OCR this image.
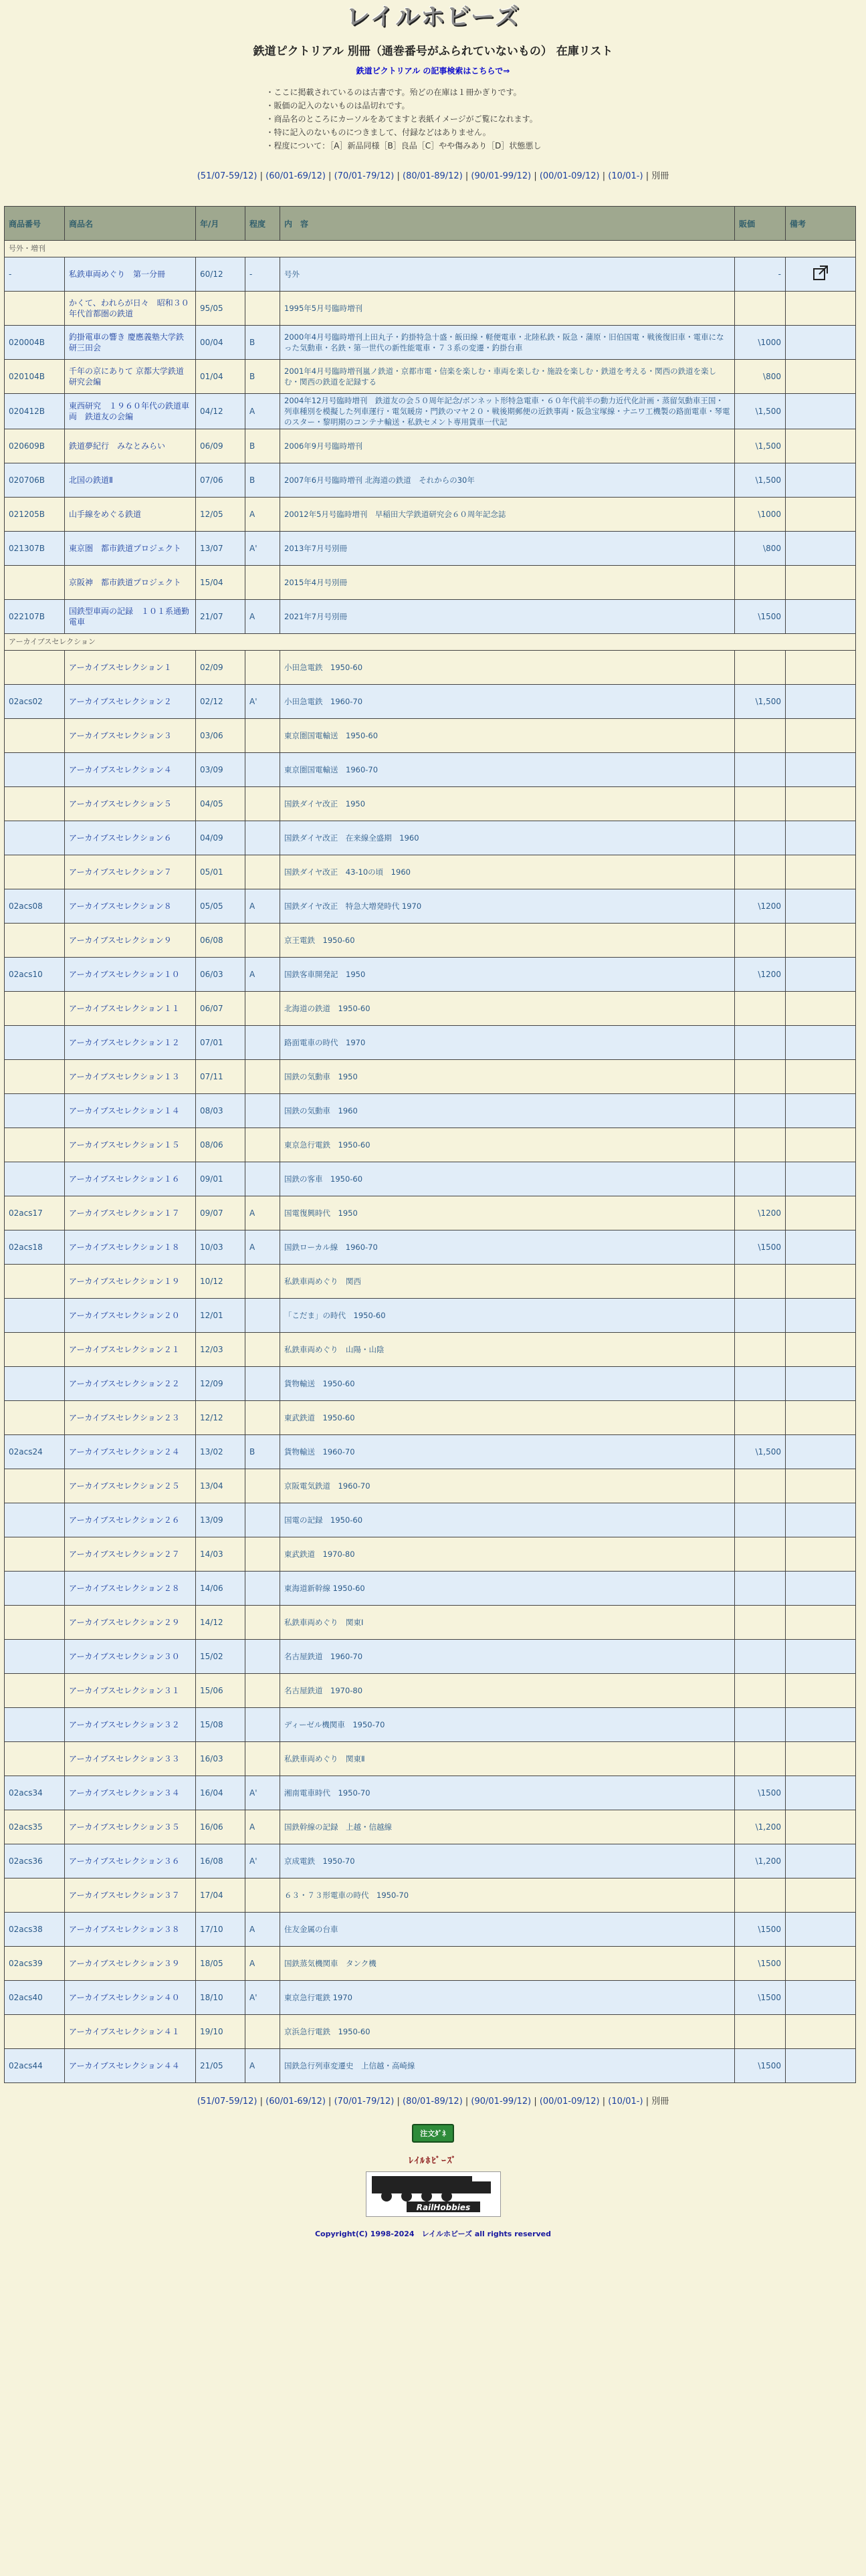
レイルホビーズ
鉄道ピクトリアル 別冊（通巻番号がふられていないもの） 在庫リスト
鉄道ピクトリアル の記事検索はこちらで⇒
・ここに掲載されているのは古書です。殆どの在庫は１冊かぎりです。
・販価の記入のないものは品切れです。
・商品名のところにカーソルをあてますと表紙イメージがご覧になれます。
・特に記入のないものにつきまして、付録などはありません。
・程度について：［A］新品同様［B］良品［C］やや傷みあり［D］状態悪し
(51/07-59/12) | (60/01-69/12) | (70/01-79/12) | (80/01-89/12) | (90/01-99/12) | (00/01-09/12) | (10/01-) | 別冊
商品番号	商品名	年/月	程度	内　容	販価	備考
号外・増刊						
-	私鉄車両めぐり　第一分冊	60/12	-	号外	-	
	かくて、われらが日々　昭和３０年代首都圏の鉄道	95/05		1995年5月号臨時増刊		
020004B	釣掛電車の響き 慶應義塾大学鉄研三田会	00/04	B	2000年4月号臨時増刊上田丸子・釣掛特急十盛・飯田線・軽便電車・北陸私鉄・阪急・蒲原・旧伯国電・戦後復旧車・電車になった気動車・名鉄・第一世代の新性能電車・７３系の変遷・釣掛台車	\1000	
020104B	千年の京にありて 京都大学鉄道研究会編	01/04	B	2001年4月号臨時増刊嵐ノ鉄道・京都市電・信楽を楽しむ・車両を楽しむ・施設を楽しむ・鉄道を考える・関西の鉄道を楽しむ・関西の鉄道を記録する	\800	
020412B	東西研究　１９６０年代の鉄道車両　鉄道友の会編	04/12	A	2004年12月号臨時増刊　鉄道友の会５０周年記念/ボンネット形特急電車・６０年代前半の動力近代化計画・蒸留気動車王国・列車種別を模擬した列車運行・電気暖房・門鉄のマヤ２０・戦後期郵便の近鉄事両・阪急宝塚線・ナニワ工機製の路面電車・琴電のスター・黎明期のコンテナ輸送・私鉄セメント専用貨車一代記	\1,500	
020609B	鉄道夢紀行　みなとみらい	06/09	B	2006年9月号臨時増刊	\1,500	
020706B	北国の鉄道Ⅱ	07/06	B	2007年6月号臨時増刊 北海道の鉄道　それからの30年	\1,500	
021205B	山手線をめぐる鉄道	12/05	A	20012年5月号臨時増刊　早稲田大学鉄道研究会６０周年記念誌	\1000	
021307B	東京圏　都市鉄道プロジェクト	13/07	A'	2013年7月号別冊	\800	
	京阪神　都市鉄道プロジェクト	15/04		2015年4月号別冊		
022107B	国鉄型車両の記録　１０１系通勤電車	21/07	A	2021年7月号別冊	\1500	
アーカイブスセレクション						
	アーカイブスセレクション１	02/09		小田急電鉄　1950-60		
02acs02	アーカイブスセレクション２	02/12	A'	小田急電鉄　1960-70	\1,500	
	アーカイブスセレクション３	03/06		東京圏国電輸送　1950-60		
	アーカイブスセレクション４	03/09		東京圏国電輸送　1960-70		
	アーカイブスセレクション５	04/05		国鉄ダイヤ改正　1950		
	アーカイブスセレクション６	04/09		国鉄ダイヤ改正　在来線全盛期　1960		
	アーカイブスセレクション７	05/01		国鉄ダイヤ改正　43-10の頃　1960		
02acs08	アーカイブスセレクション８	05/05	A	国鉄ダイヤ改正　特急大増発時代 1970	\1200	
	アーカイブスセレクション９	06/08		京王電鉄　1950-60		
02acs10	アーカイブスセレクション１０	06/03	A	国鉄客車開発記　1950	\1200	
	アーカイブスセレクション１１	06/07		北海道の鉄道　1950-60		
	アーカイブスセレクション１２	07/01		路面電車の時代　1970		
	アーカイブスセレクション１３	07/11		国鉄の気動車　1950		
	アーカイブスセレクション１４	08/03		国鉄の気動車　1960		
	アーカイブスセレクション１５	08/06		東京急行電鉄　1950-60		
	アーカイブスセレクション１６	09/01		国鉄の客車　1950-60		
02acs17	アーカイブスセレクション１７	09/07	A	国電復興時代　1950	\1200	
02acs18	アーカイブスセレクション１８	10/03	A	国鉄ローカル線　1960-70	\1500	
	アーカイブスセレクション１９	10/12		私鉄車両めぐり　関西		
	アーカイブスセレクション２０	12/01		「こだま」の時代　1950-60		
	アーカイブスセレクション２１	12/03		私鉄車両めぐり　山陽・山陰		
	アーカイブスセレクション２２	12/09		貨物輸送　1950-60		
	アーカイブスセレクション２３	12/12		東武鉄道　1950-60		
02acs24	アーカイブスセレクション２４	13/02	B	貨物輸送　1960-70	\1,500	
	アーカイブスセレクション２５	13/04		京阪電気鉄道　1960-70		
	アーカイブスセレクション２６	13/09		国電の記録　1950-60		
	アーカイブスセレクション２７	14/03		東武鉄道　1970-80		
	アーカイブスセレクション２８	14/06		東海道新幹線 1950-60		
	アーカイブスセレクション２９	14/12		私鉄車両めぐり　関東Ⅰ		
	アーカイブスセレクション３０	15/02		名古屋鉄道　1960-70		
	アーカイブスセレクション３１	15/06		名古屋鉄道　1970-80		
	アーカイブスセレクション３２	15/08		ディーゼル機関車　1950-70		
	アーカイブスセレクション３３	16/03		私鉄車両めぐり　関東Ⅱ		
02acs34	アーカイブスセレクション３４	16/04	A'	湘南電車時代　1950-70	\1500	
02acs35	アーカイブスセレクション３５	16/06	A	国鉄幹線の記録　上越・信越線	\1,200	
02acs36	アーカイブスセレクション３６	16/08	A'	京成電鉄　1950-70	\1,200	
	アーカイブスセレクション３７	17/04		６３・７３形電車の時代　1950-70		
02acs38	アーカイブスセレクション３８	17/10	A	住友金属の台車	\1500	
02acs39	アーカイブスセレクション３９	18/05	A	国鉄蒸気機関車　タンク機	\1500	
02acs40	アーカイブスセレクション４０	18/10	A'	東京急行電鉄 1970	\1500	
	アーカイブスセレクション４１	19/10		京浜急行電鉄　1950-60		
02acs44	アーカイブスセレクション４４	21/05	A	国鉄急行列車変遷史　上信越・高崎線	\1500	
(51/07-59/12) | (60/01-69/12) | (70/01-79/12) | (80/01-89/12) | (90/01-99/12) | (00/01-09/12) | (10/01-) | 別冊
注文ﾀﾞﾈ
ﾚｲﾙﾎﾋﾞｰｽﾞ
RailHobbies
Copyright(C) 1998-2024　レイルホビーズ all rights reserved
